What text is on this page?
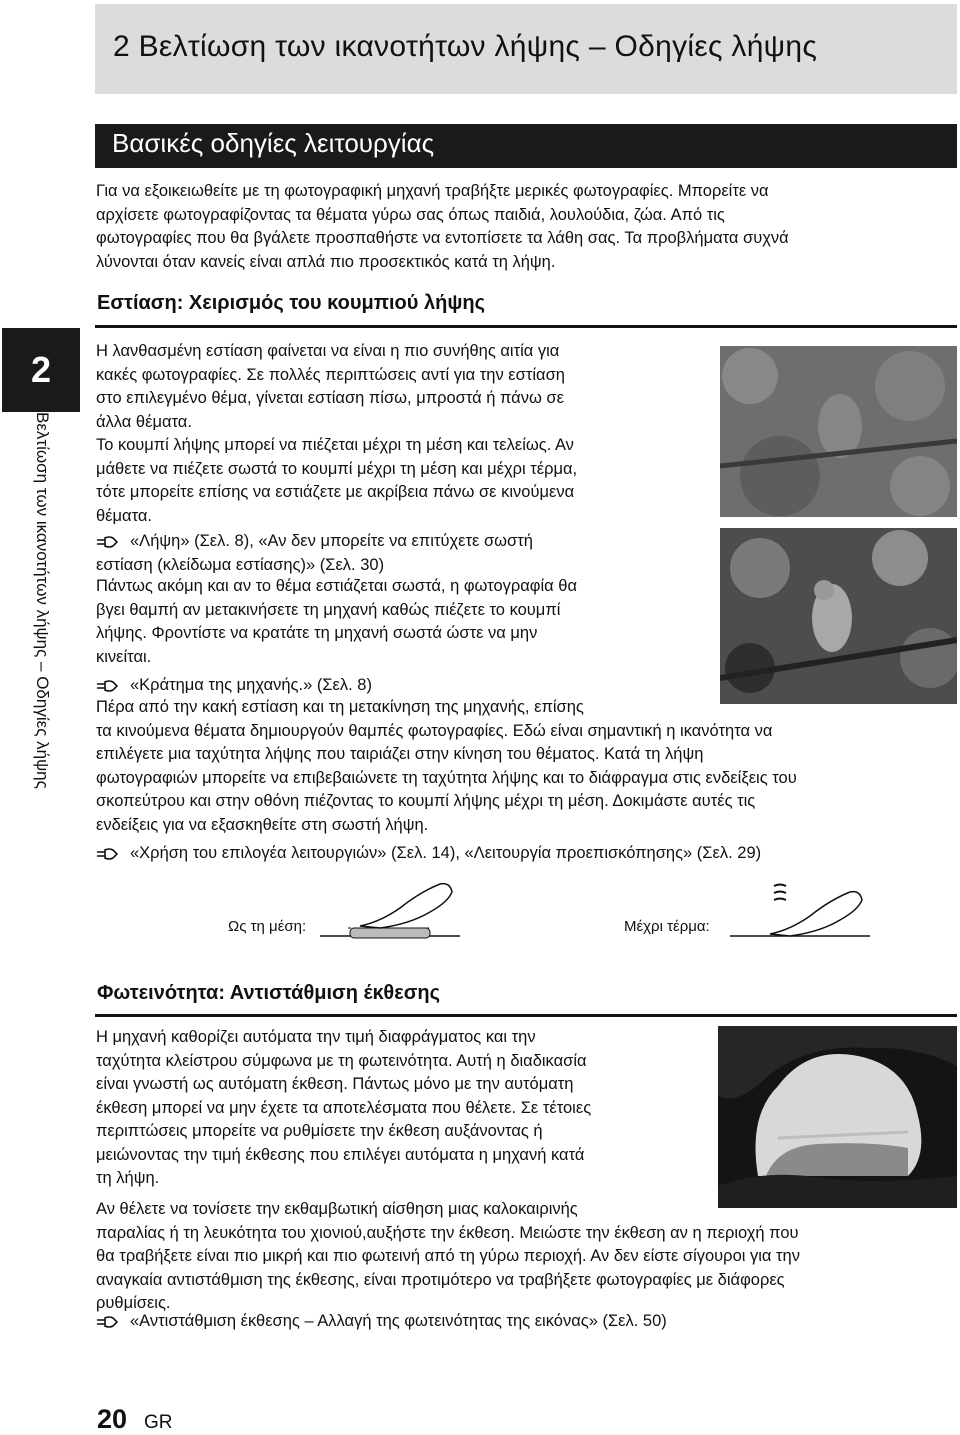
2 Βελτίωση των ικανοτήτων λήψης – Οδηγίες λήψης
Βασικές οδηγίες λειτουργίας
Για να εξοικειωθείτε με τη φωτογραφική μηχανή τραβήξτε μερικές φωτογραφίες. Μπορείτε να
αρχίσετε φωτογραφίζοντας τα θέματα γύρω σας όπως παιδιά, λουλούδια, ζώα. Από τις
φωτογραφίες που θα βγάλετε προσπαθήστε να εντοπίσετε τα λάθη σας. Τα προβλήματα συχνά
λύνονται όταν κανείς είναι απλά πιο προσεκτικός κατά τη λήψη.
Εστίαση: Χειρισμός του κουμπιού λήψης
2
Βελτίωση των ικανοτήτων λήψης – Οδηγίες λήψης
Η λανθασμένη εστίαση φαίνεται να είναι η πιο συνήθης αιτία για
κακές φωτογραφίες. Σε πολλές περιπτώσεις αντί για την εστίαση
στο επιλεγμένο θέμα, γίνεται εστίαση πίσω, μπροστά ή πάνω σε
άλλα θέματα.
Το κουμπί λήψης μπορεί να πιέζεται μέχρι τη μέση και τελείως. Αν
μάθετε να πιέζετε σωστά το κουμπί μέχρι τη μέση και μέχρι τέρμα,
τότε μπορείτε επίσης να εστιάζετε με ακρίβεια πάνω σε κινούμενα
θέματα.
«Λήψη» (Σελ. 8), «Αν δεν μπορείτε να επιτύχετε σωστή
εστίαση (κλείδωμα εστίασης)» (Σελ. 30)
Πάντως ακόμη και αν το θέμα εστιάζεται σωστά, η φωτογραφία θα
βγει θαμπή αν μετακινήσετε τη μηχανή καθώς πιέζετε το κουμπί
λήψης. Φροντίστε να κρατάτε τη μηχανή σωστά ώστε να μην
κινείται.
«Κράτημα της μηχανής.» (Σελ. 8)
Πέρα από την κακή εστίαση και τη μετακίνηση της μηχανής, επίσης
τα κινούμενα θέματα δημιουργούν θαμπές φωτογραφίες. Εδώ είναι σημαντική η ικανότητα να
επιλέγετε μια ταχύτητα λήψης που ταιριάζει στην κίνηση του θέματος. Κατά τη λήψη
φωτογραφιών μπορείτε να επιβεβαιώνετε τη ταχύτητα λήψης και το διάφραγμα στις ενδείξεις του
σκοπεύτρου και στην οθόνη πιέζοντας το κουμπί λήψης μέχρι τη μέση. Δοκιμάστε αυτές τις
ενδείξεις για να εξασκηθείτε στη σωστή λήψη.
«Χρήση του επιλογέα λειτουργιών» (Σελ. 14), «Λειτουργία προεπισκόπησης» (Σελ. 29)
Ως τη μέση:	Μέχρι τέρμα:
Φωτεινότητα: Αντιστάθμιση έκθεσης
Η μηχανή καθορίζει αυτόματα την τιμή διαφράγματος και την
ταχύτητα κλείστρου σύμφωνα με τη φωτεινότητα. Αυτή η διαδικασία
είναι γνωστή ως αυτόματη έκθεση. Πάντως μόνο με την αυτόματη
έκθεση μπορεί να μην έχετε τα αποτελέσματα που θέλετε. Σε τέτοιες
περιπτώσεις μπορείτε να ρυθμίσετε την έκθεση αυξάνοντας ή
μειώνοντας την τιμή έκθεσης που επιλέγει αυτόματα η μηχανή κατά
τη λήψη.
Αν θέλετε να τονίσετε την εκθαμβωτική αίσθηση μιας καλοκαιρινής
παραλίας ή τη λευκότητα του χιονιού,αυξήστε την έκθεση. Μειώστε την έκθεση αν η περιοχή που
θα τραβήξετε είναι πιο μικρή και πιο φωτεινή από τη γύρω περιοχή. Αν δεν είστε σίγουροι για την
αναγκαία αντιστάθμιση της έκθεσης, είναι προτιμότερο να τραβήξετε φωτογραφίες με διάφορες
ρυθμίσεις.
«Αντιστάθμιση έκθεσης – Αλλαγή της φωτεινότητας της εικόνας» (Σελ. 50)
20 GR
